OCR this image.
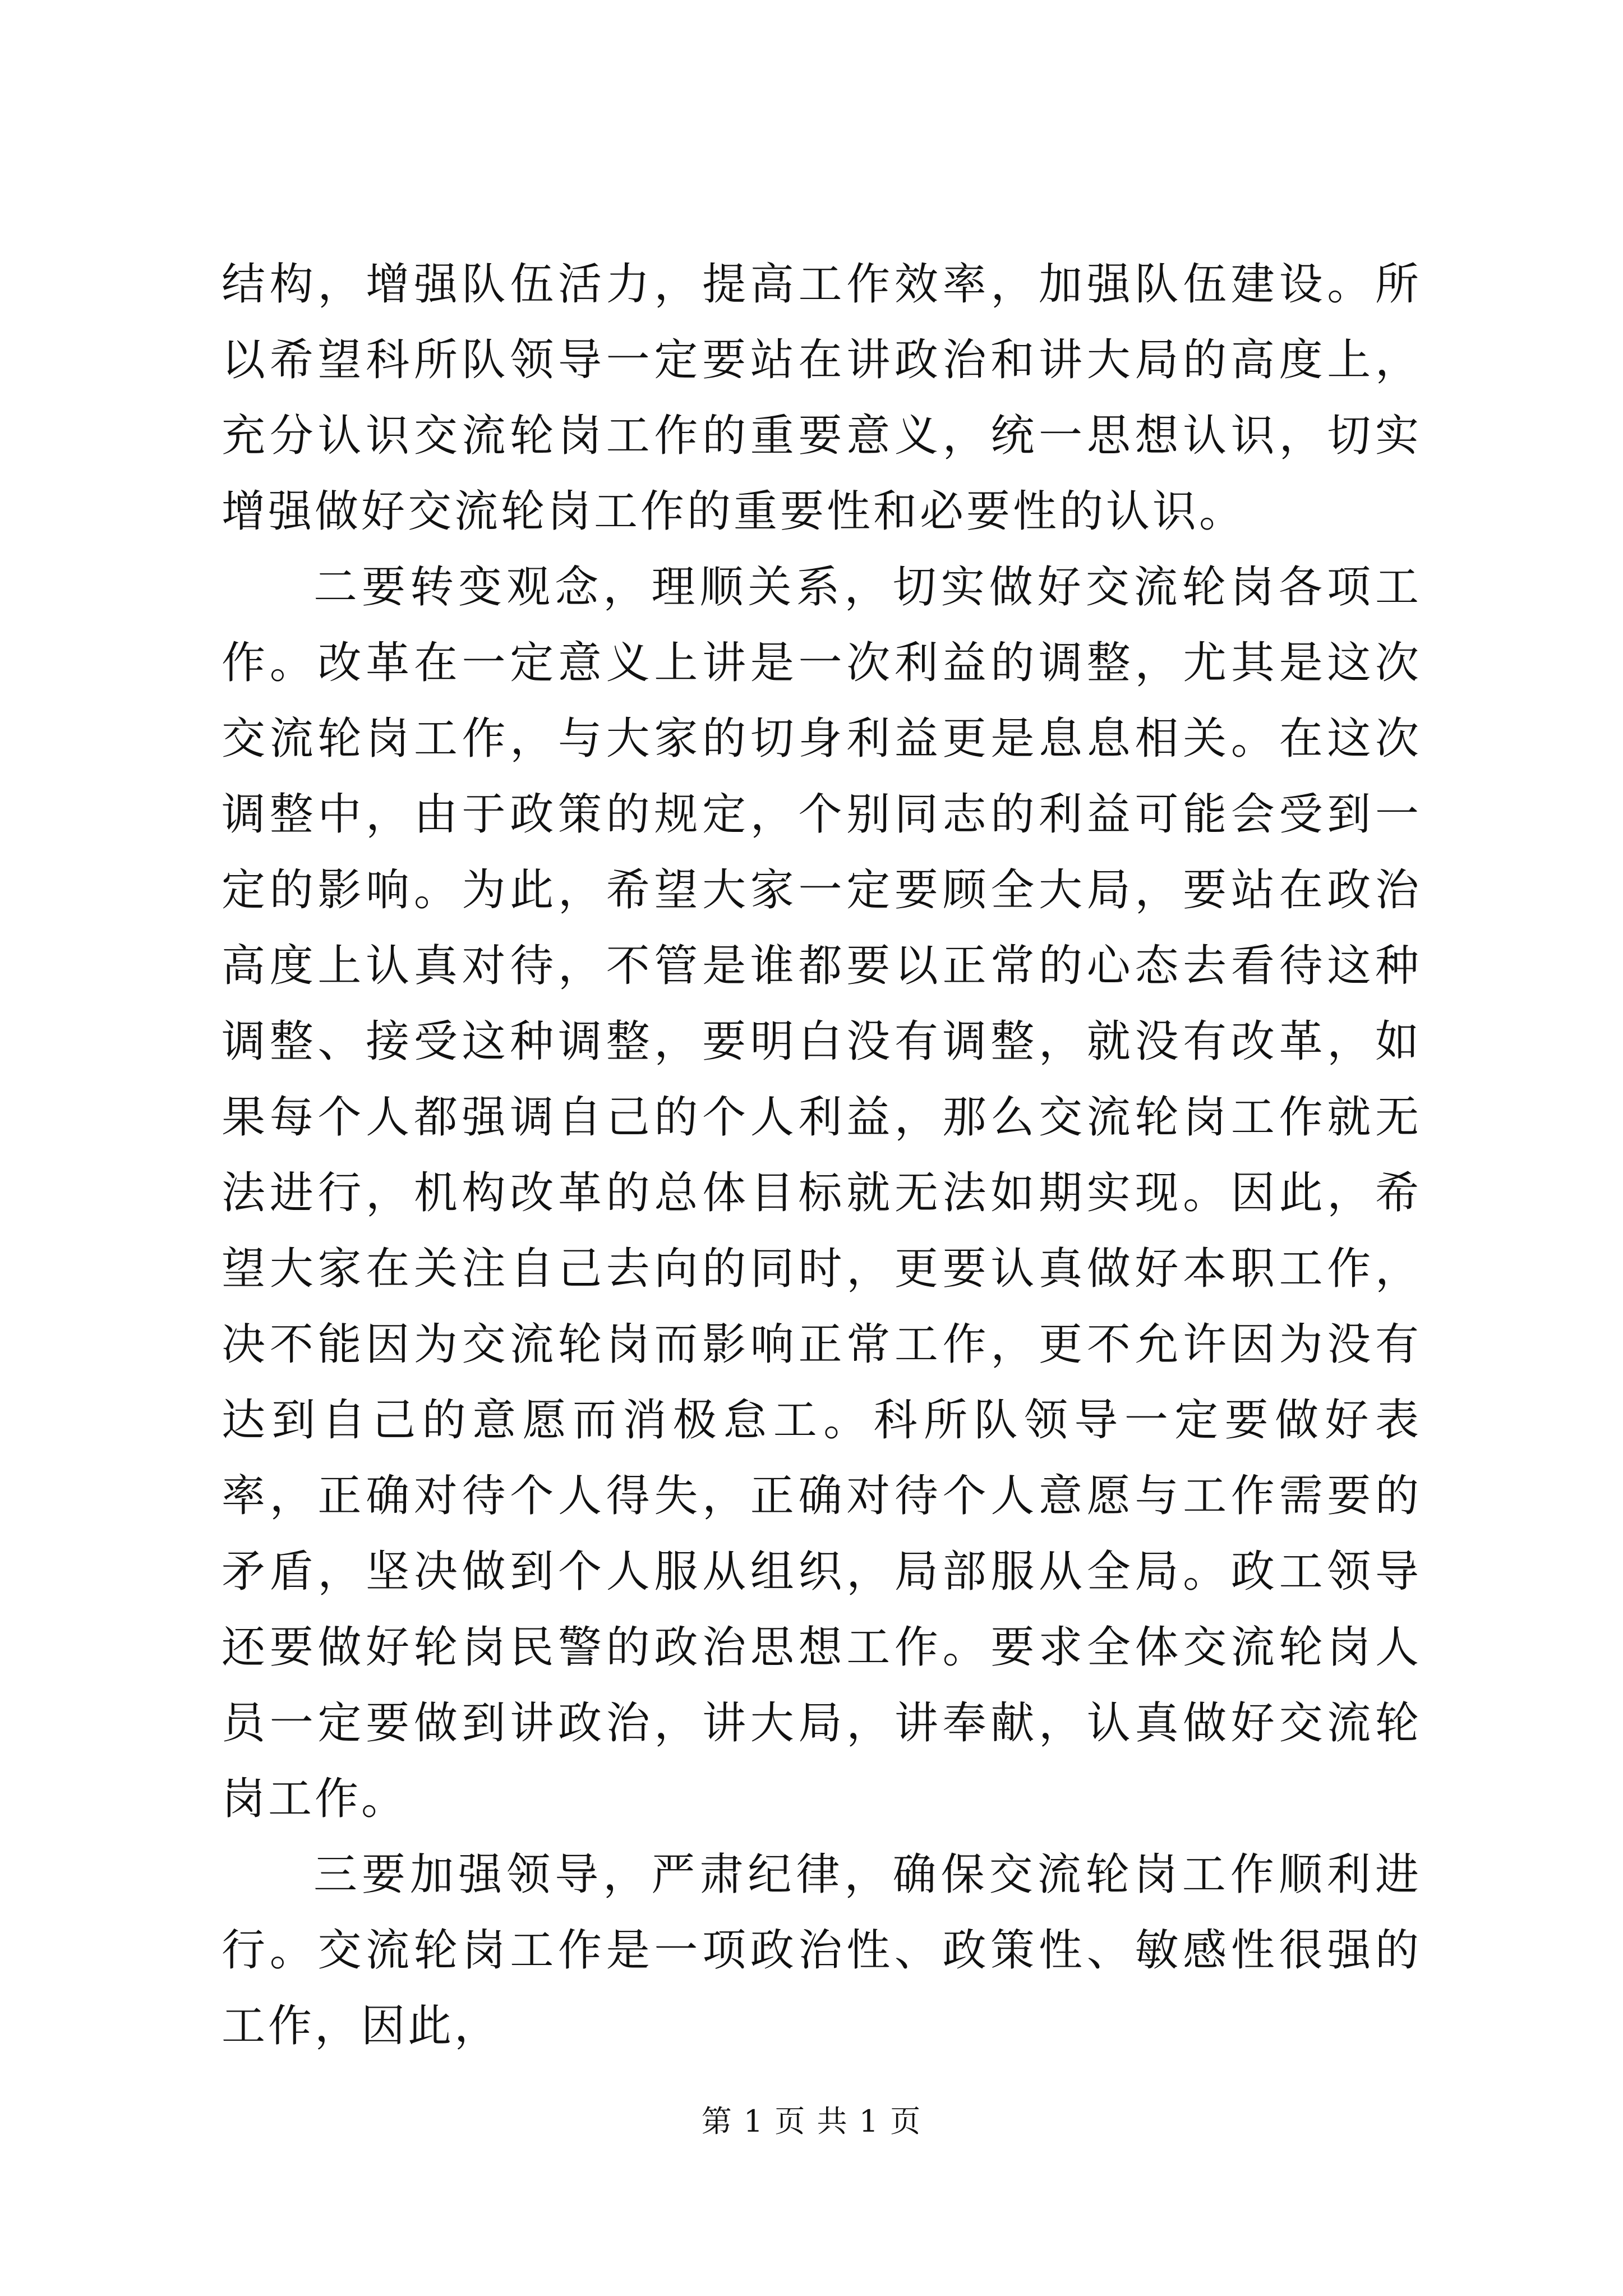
结构，增强队伍活力，提高工作效率，加强队伍建设。所以希望科所队领导一定要站在讲政治和讲大局的高度上，充分认识交流轮岗工作的重要意义，统一思想认识，切实增强做好交流轮岗工作的重要性和必要性的认识。

二要转变观念，理顺关系，切实做好交流轮岗各项工作。改革在一定意义上讲是一次利益的调整，尤其是这次交流轮岗工作，与大家的切身利益更是息息相关。在这次调整中，由于政策的规定，个别同志的利益可能会受到一定的影响。为此，希望大家一定要顾全大局，要站在政治高度上认真对待，不管是谁都要以正常的心态去看待这种调整、接受这种调整，要明白没有调整，就没有改革，如果每个人都强调自己的个人利益，那么交流轮岗工作就无法进行，机构改革的总体目标就无法如期实现。因此，希望大家在关注自己去向的同时，更要认真做好本职工作，决不能因为交流轮岗而影响正常工作，更不允许因为没有达到自己的意愿而消极怠工。科所队领导一定要做好表率，正确对待个人得失，正确对待个人意愿与工作需要的矛盾，坚决做到个人服从组织，局部服从全局。政工领导还要做好轮岗民警的政治思想工作。要求全体交流轮岗人员一定要做到讲政治，讲大局，讲奉献，认真做好交流轮岗工作。

三要加强领导，严肃纪律，确保交流轮岗工作顺利进行。交流轮岗工作是一项政治性、政策性、敏感性很强的工作，因此，

第 1 页 共 1 页
